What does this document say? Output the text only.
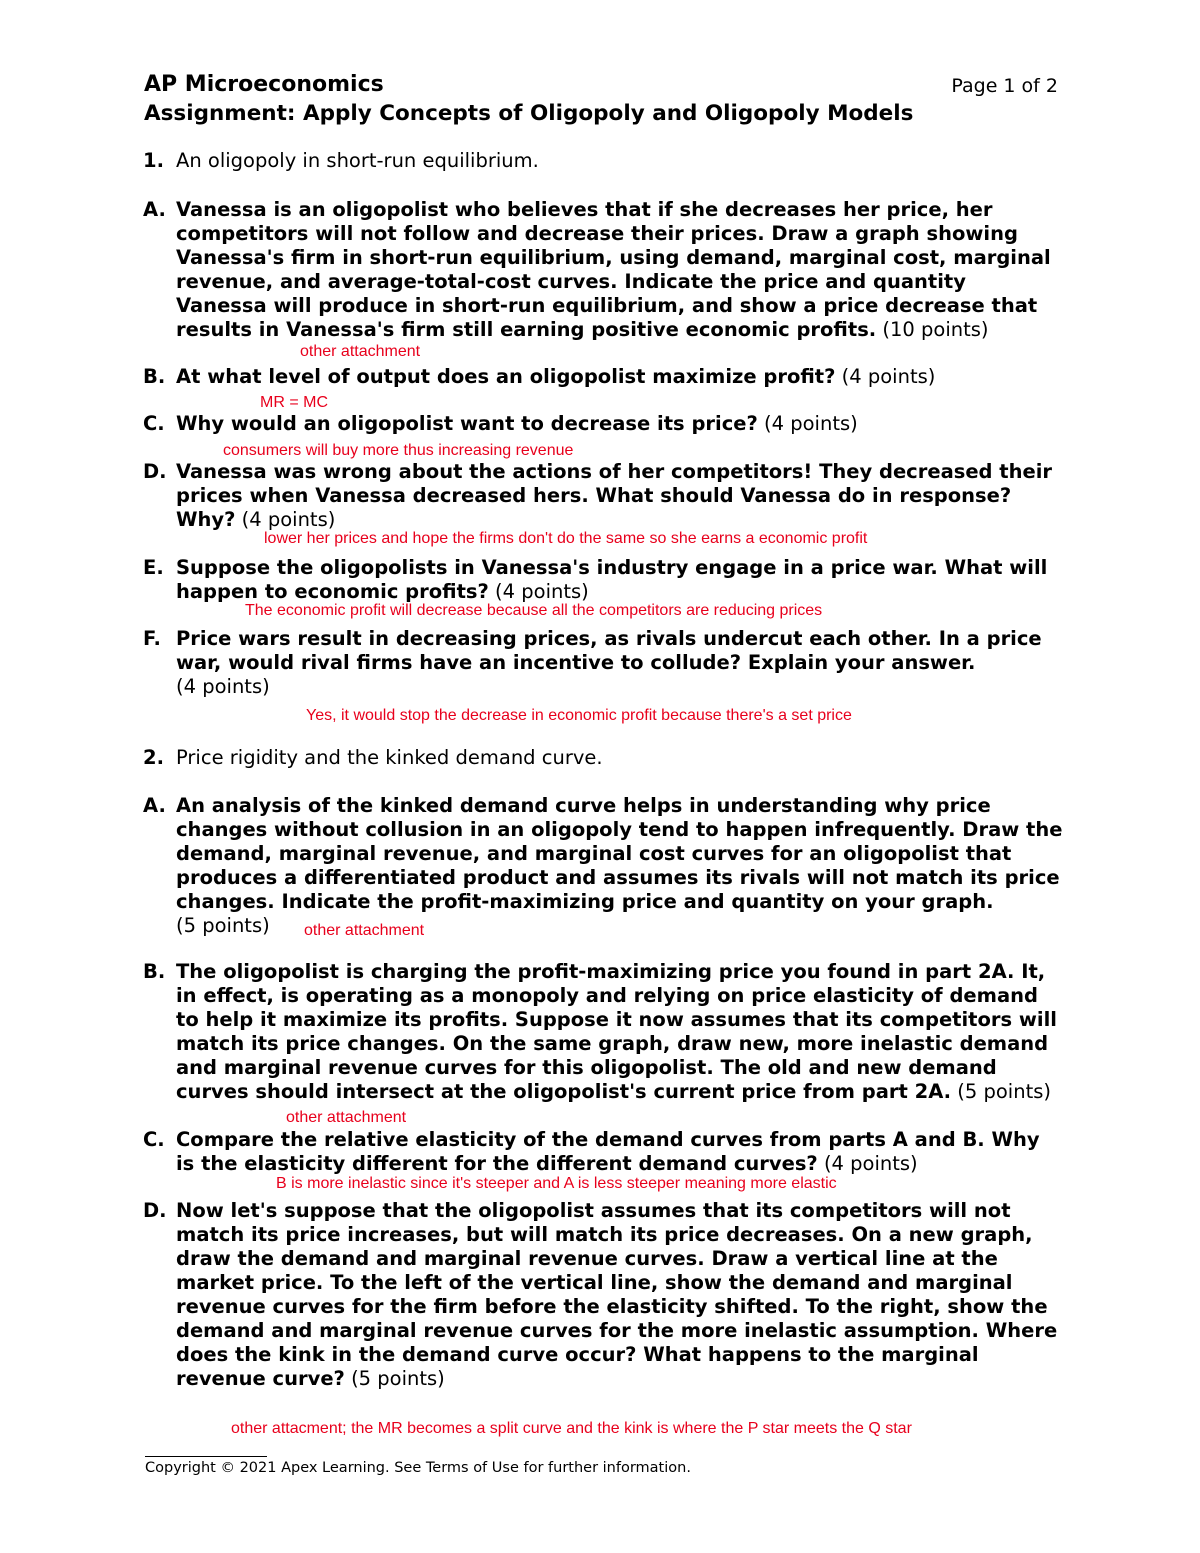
AP Microeconomics	Page 1 of 2
Assignment: Apply Concepts of Oligopoly and Oligopoly Models
1. An oligopoly in short-run equilibrium.
A. Vanessa is an oligopolist who believes that if she decreases her price, her competitors will not follow and decrease their prices. Draw a graph showing Vanessa's firm in short-run equilibrium, using demand, marginal cost, marginal revenue, and average-total-cost curves. Indicate the price and quantity Vanessa will produce in short-run equilibrium, and show a price decrease that results in Vanessa's firm still earning positive economic profits. (10 points)
other attachment
B. At what level of output does an oligopolist maximize profit? (4 points)
MR = MC
C. Why would an oligopolist want to decrease its price? (4 points)
consumers will buy more thus increasing revenue
D. Vanessa was wrong about the actions of her competitors! They decreased their prices when Vanessa decreased hers. What should Vanessa do in response? Why? (4 points)
lower her prices and hope the firms don't do the same so she earns a economic profit
E. Suppose the oligopolists in Vanessa's industry engage in a price war. What will happen to economic profits? (4 points)
The economic profit will decrease because all the competitors are reducing prices
F. Price wars result in decreasing prices, as rivals undercut each other. In a price war, would rival firms have an incentive to collude? Explain your answer.
(4 points)
Yes, it would stop the decrease in economic profit because there's a set price
2. Price rigidity and the kinked demand curve.
A. An analysis of the kinked demand curve helps in understanding why price changes without collusion in an oligopoly tend to happen infrequently. Draw the demand, marginal revenue, and marginal cost curves for an oligopolist that produces a differentiated product and assumes its rivals will not match its price changes. Indicate the profit-maximizing price and quantity on your graph.
(5 points)	other attachment
B. The oligopolist is charging the profit-maximizing price you found in part 2A. It, in effect, is operating as a monopoly and relying on price elasticity of demand to help it maximize its profits. Suppose it now assumes that its competitors will match its price changes. On the same graph, draw new, more inelastic demand and marginal revenue curves for this oligopolist. The old and new demand curves should intersect at the oligopolist's current price from part 2A. (5 points)
other attachment
C. Compare the relative elasticity of the demand curves from parts A and B. Why is the elasticity different for the different demand curves? (4 points)
B is more inelastic since it's steeper and A is less steeper meaning more elastic
D. Now let's suppose that the oligopolist assumes that its competitors will not match its price increases, but will match its price decreases. On a new graph, draw the demand and marginal revenue curves. Draw a vertical line at the market price. To the left of the vertical line, show the demand and marginal revenue curves for the firm before the elasticity shifted. To the right, show the demand and marginal revenue curves for the more inelastic assumption. Where does the kink in the demand curve occur? What happens to the marginal revenue curve? (5 points)
other attacment; the MR becomes a split curve and the kink is where the P star meets the Q star
Copyright © 2021 Apex Learning. See Terms of Use for further information.
